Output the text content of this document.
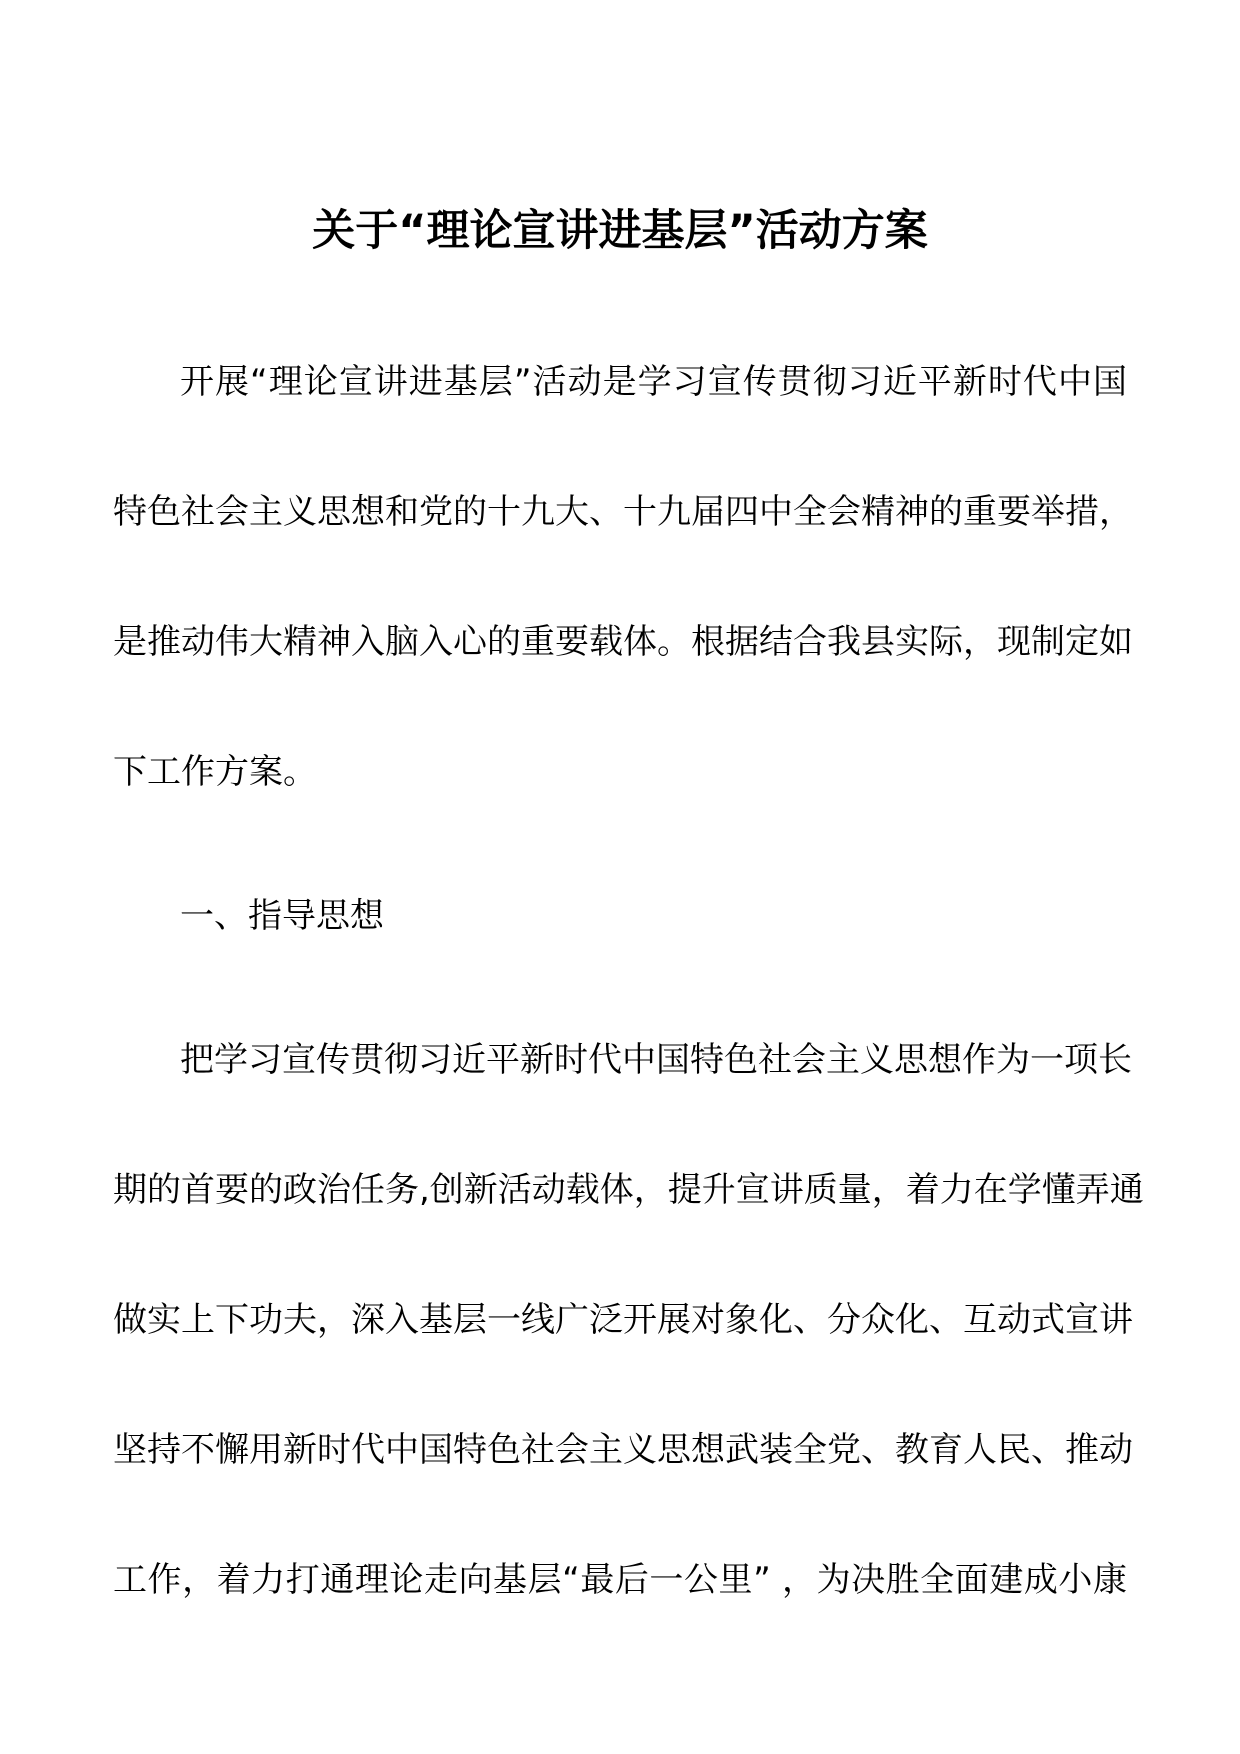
关于“理论宣讲进基层”活动方案
开展“理论宣讲进基层”活动是学习宣传贯彻习近平新时代中国
特色社会主义思想和党的十九大、十九届四中全会精神的重要举措，
是推动伟大精神入脑入心的重要载体。根据结合我县实际，现制定如
下工作方案。
一、指导思想
把学习宣传贯彻习近平新时代中国特色社会主义思想作为一项长
期的首要的政治任务,创新活动载体，提升宣讲质量，着力在学懂弄通
做实上下功夫，深入基层一线广泛开展对象化、分众化、互动式宣讲
坚持不懈用新时代中国特色社会主义思想武装全党、教育人民、推动
工作，着力打通理论走向基层“最后一公里” ，为决胜全面建成小康
